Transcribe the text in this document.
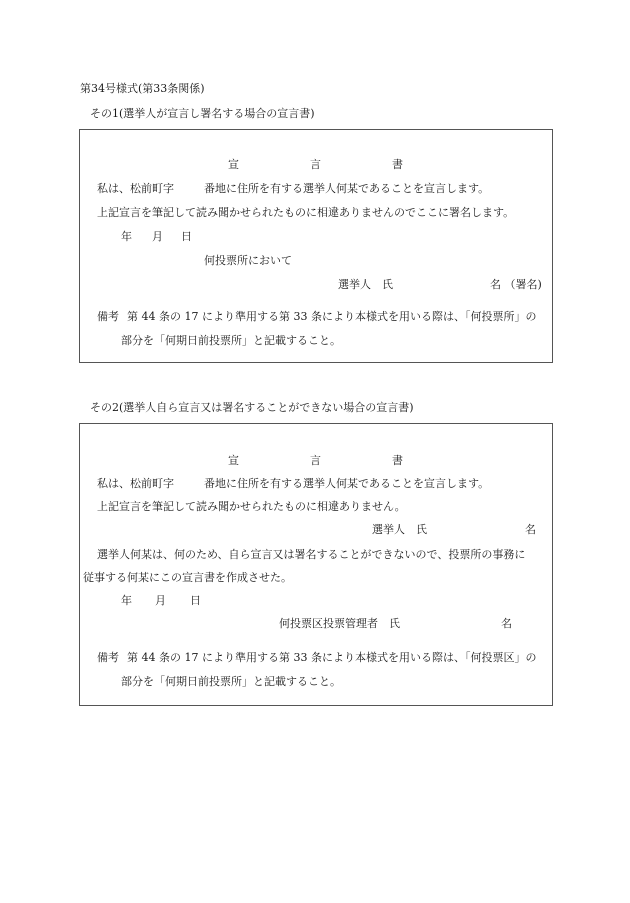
第34号様式(第33条関係)
その1(選挙人が宣言し署名する場合の宣言書)
宣	言	書
私は、松前町字	番地に住所を有する選挙人何某であることを宣言します。
上記宣言を筆記して読み聞かせられたものに相違ありませんのでここに署名します。
年 月 日
何投票所において
選挙人　氏	名 （署名)
備考 第 44 条の 17 により準用する第 33 条により本様式を用いる際は、「何投票所」の
部分を「何期日前投票所」と記載すること。
その2(選挙人自ら宣言又は署名することができない場合の宣言書)
宣	言	書
私は、松前町字	番地に住所を有する選挙人何某であることを宣言します。
上記宣言を筆記して読み聞かせられたものに相違ありません。
選挙人　氏	名
選挙人何某は、何のため、自ら宣言又は署名することができないので、投票所の事務に
従事する何某にこの宣言書を作成させた。
年 月 日
何投票区投票管理者　氏	名
備考 第 44 条の 17 により準用する第 33 条により本様式を用いる際は、「何投票区」の
部分を「何期日前投票所」と記載すること。
